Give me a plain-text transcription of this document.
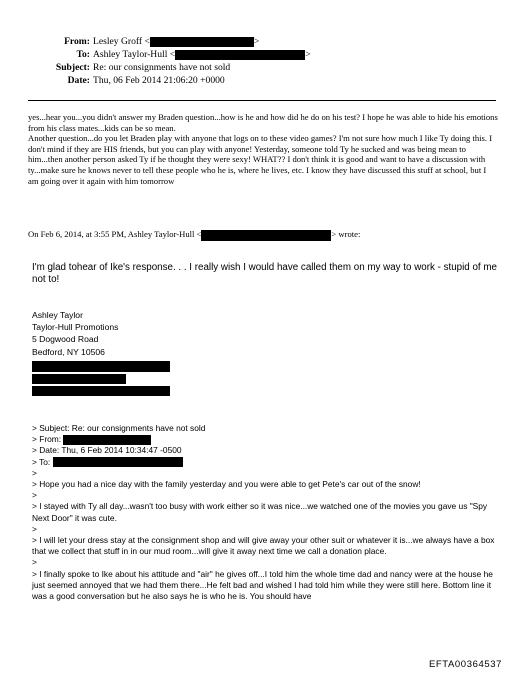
From: Lesley Groff <	>
To: Ashley Taylor-Hull <	>
Subject: Re: our consignments have not sold
Date: Thu, 06 Feb 2014 21:06:20 +0000
yes...hear you...you didn't answer my Braden question...how is he and how did he do on his test? I hope he was able to hide his emotions from his class mates...kids can be so mean.
Another question...do you let Braden play with anyone that logs on to these video games? I'm not sure how much I like Ty doing this. I don't mind if they are HIS friends, but you can play with anyone! Yesterday, someone told Ty he sucked and was being mean to him...then another person asked Ty if he thought they were sexy! WHAT?? I don't think it is good and want to have a discussion with ty...make sure he knows never to tell these people who he is, where he lives, etc. I know they have discussed this stuff at school, but I am going over it again with him tomorrow
On Feb 6, 2014, at 3:55 PM, Ashley Taylor-Hull <	> wrote:
I'm glad tohear of Ike's response. . . I really wish I would have called them on my way to work - stupid of me not to!
Ashley Taylor
Taylor-Hull Promotions
5 Dogwood Road
Bedford, NY 10506
> Subject: Re: our consignments have not sold
> From:
> Date: Thu, 6 Feb 2014 10:34:47 -0500
> To:
>
> Hope you had a nice day with the family yesterday and you were able to get Pete's car out of the snow!
>
> I stayed with Ty all day...wasn't too busy with work either so it was nice...we watched one of the movies you gave us "Spy Next Door" it was cute.
>
> I will let your dress stay at the consignment shop and will give away your other suit or whatever it is...we always have a box that we collect that stuff in in our mud room...will give it away next time we call a donation place.
>
> I finally spoke to Ike about his attitude and "air" he gives off...I told him the whole time dad and nancy were at the house he just seemed annoyed that we had them there...He felt bad and wished I had told him while they were still here. Bottom line it was a good conversation but he also says he is who he is. You should have
EFTA00364537
